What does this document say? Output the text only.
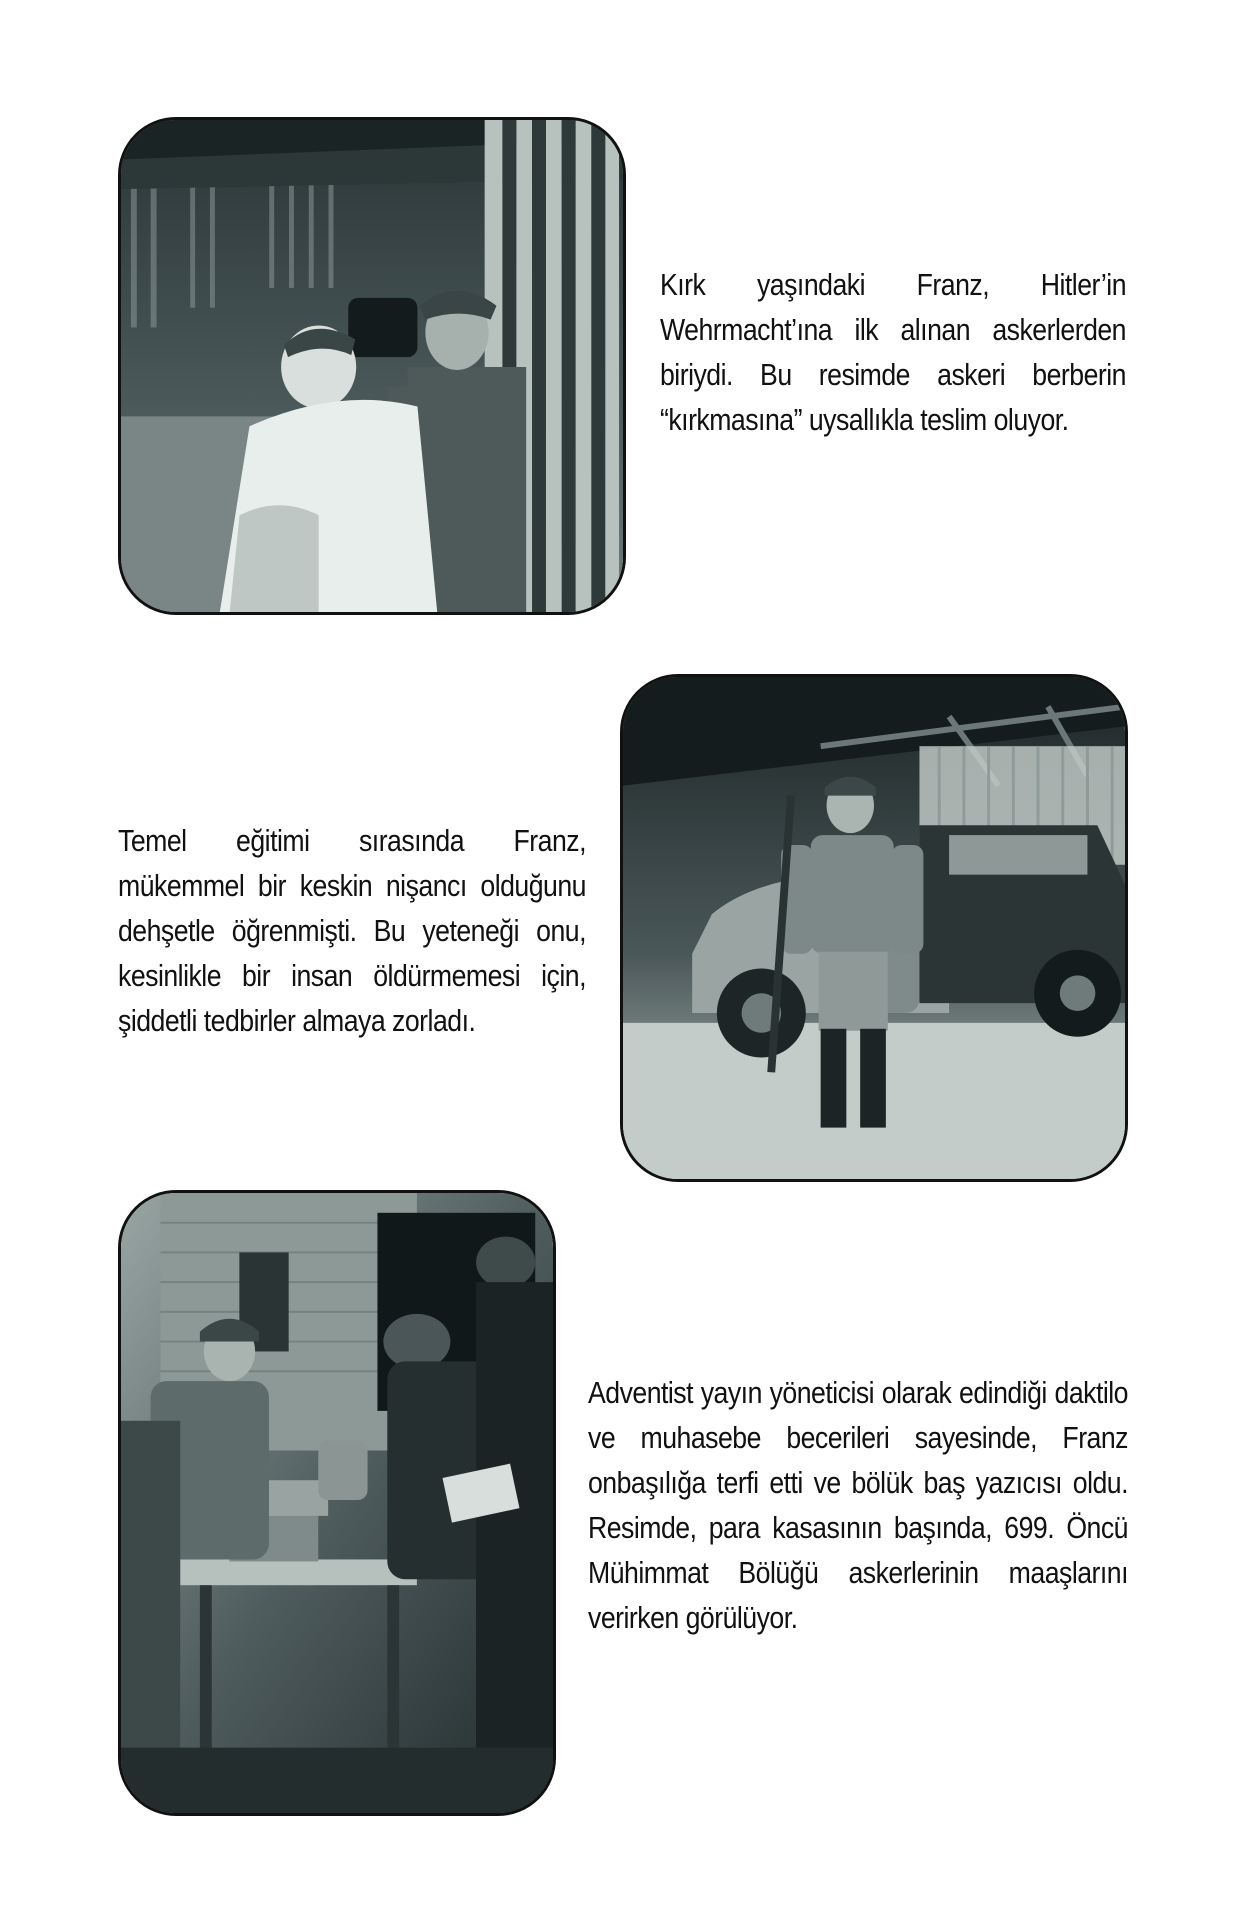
Kırk yaşındaki Franz, Hitler’in Wehrmacht’ına ilk alınan askerlerden biriydi. Bu resimde askeri berberin “kırkmasına” uysallıkla teslim oluyor.

Temel eğitimi sırasında Franz, mükemmel bir keskin nişancı olduğunu dehşetle öğrenmişti. Bu yeteneği onu, kesinlikle bir insan öldürmemesi için, şiddetli tedbirler almaya zorladı.

Adventist yayın yöneticisi olarak edindiği daktilo ve muhasebe becerileri sayesinde, Franz onbaşılığa terfi etti ve bölük baş yazıcısı oldu. Resimde, para kasasının başında, 699. Öncü Mühimmat Bölüğü askerlerinin maaşlarını verirken görülüyor.
